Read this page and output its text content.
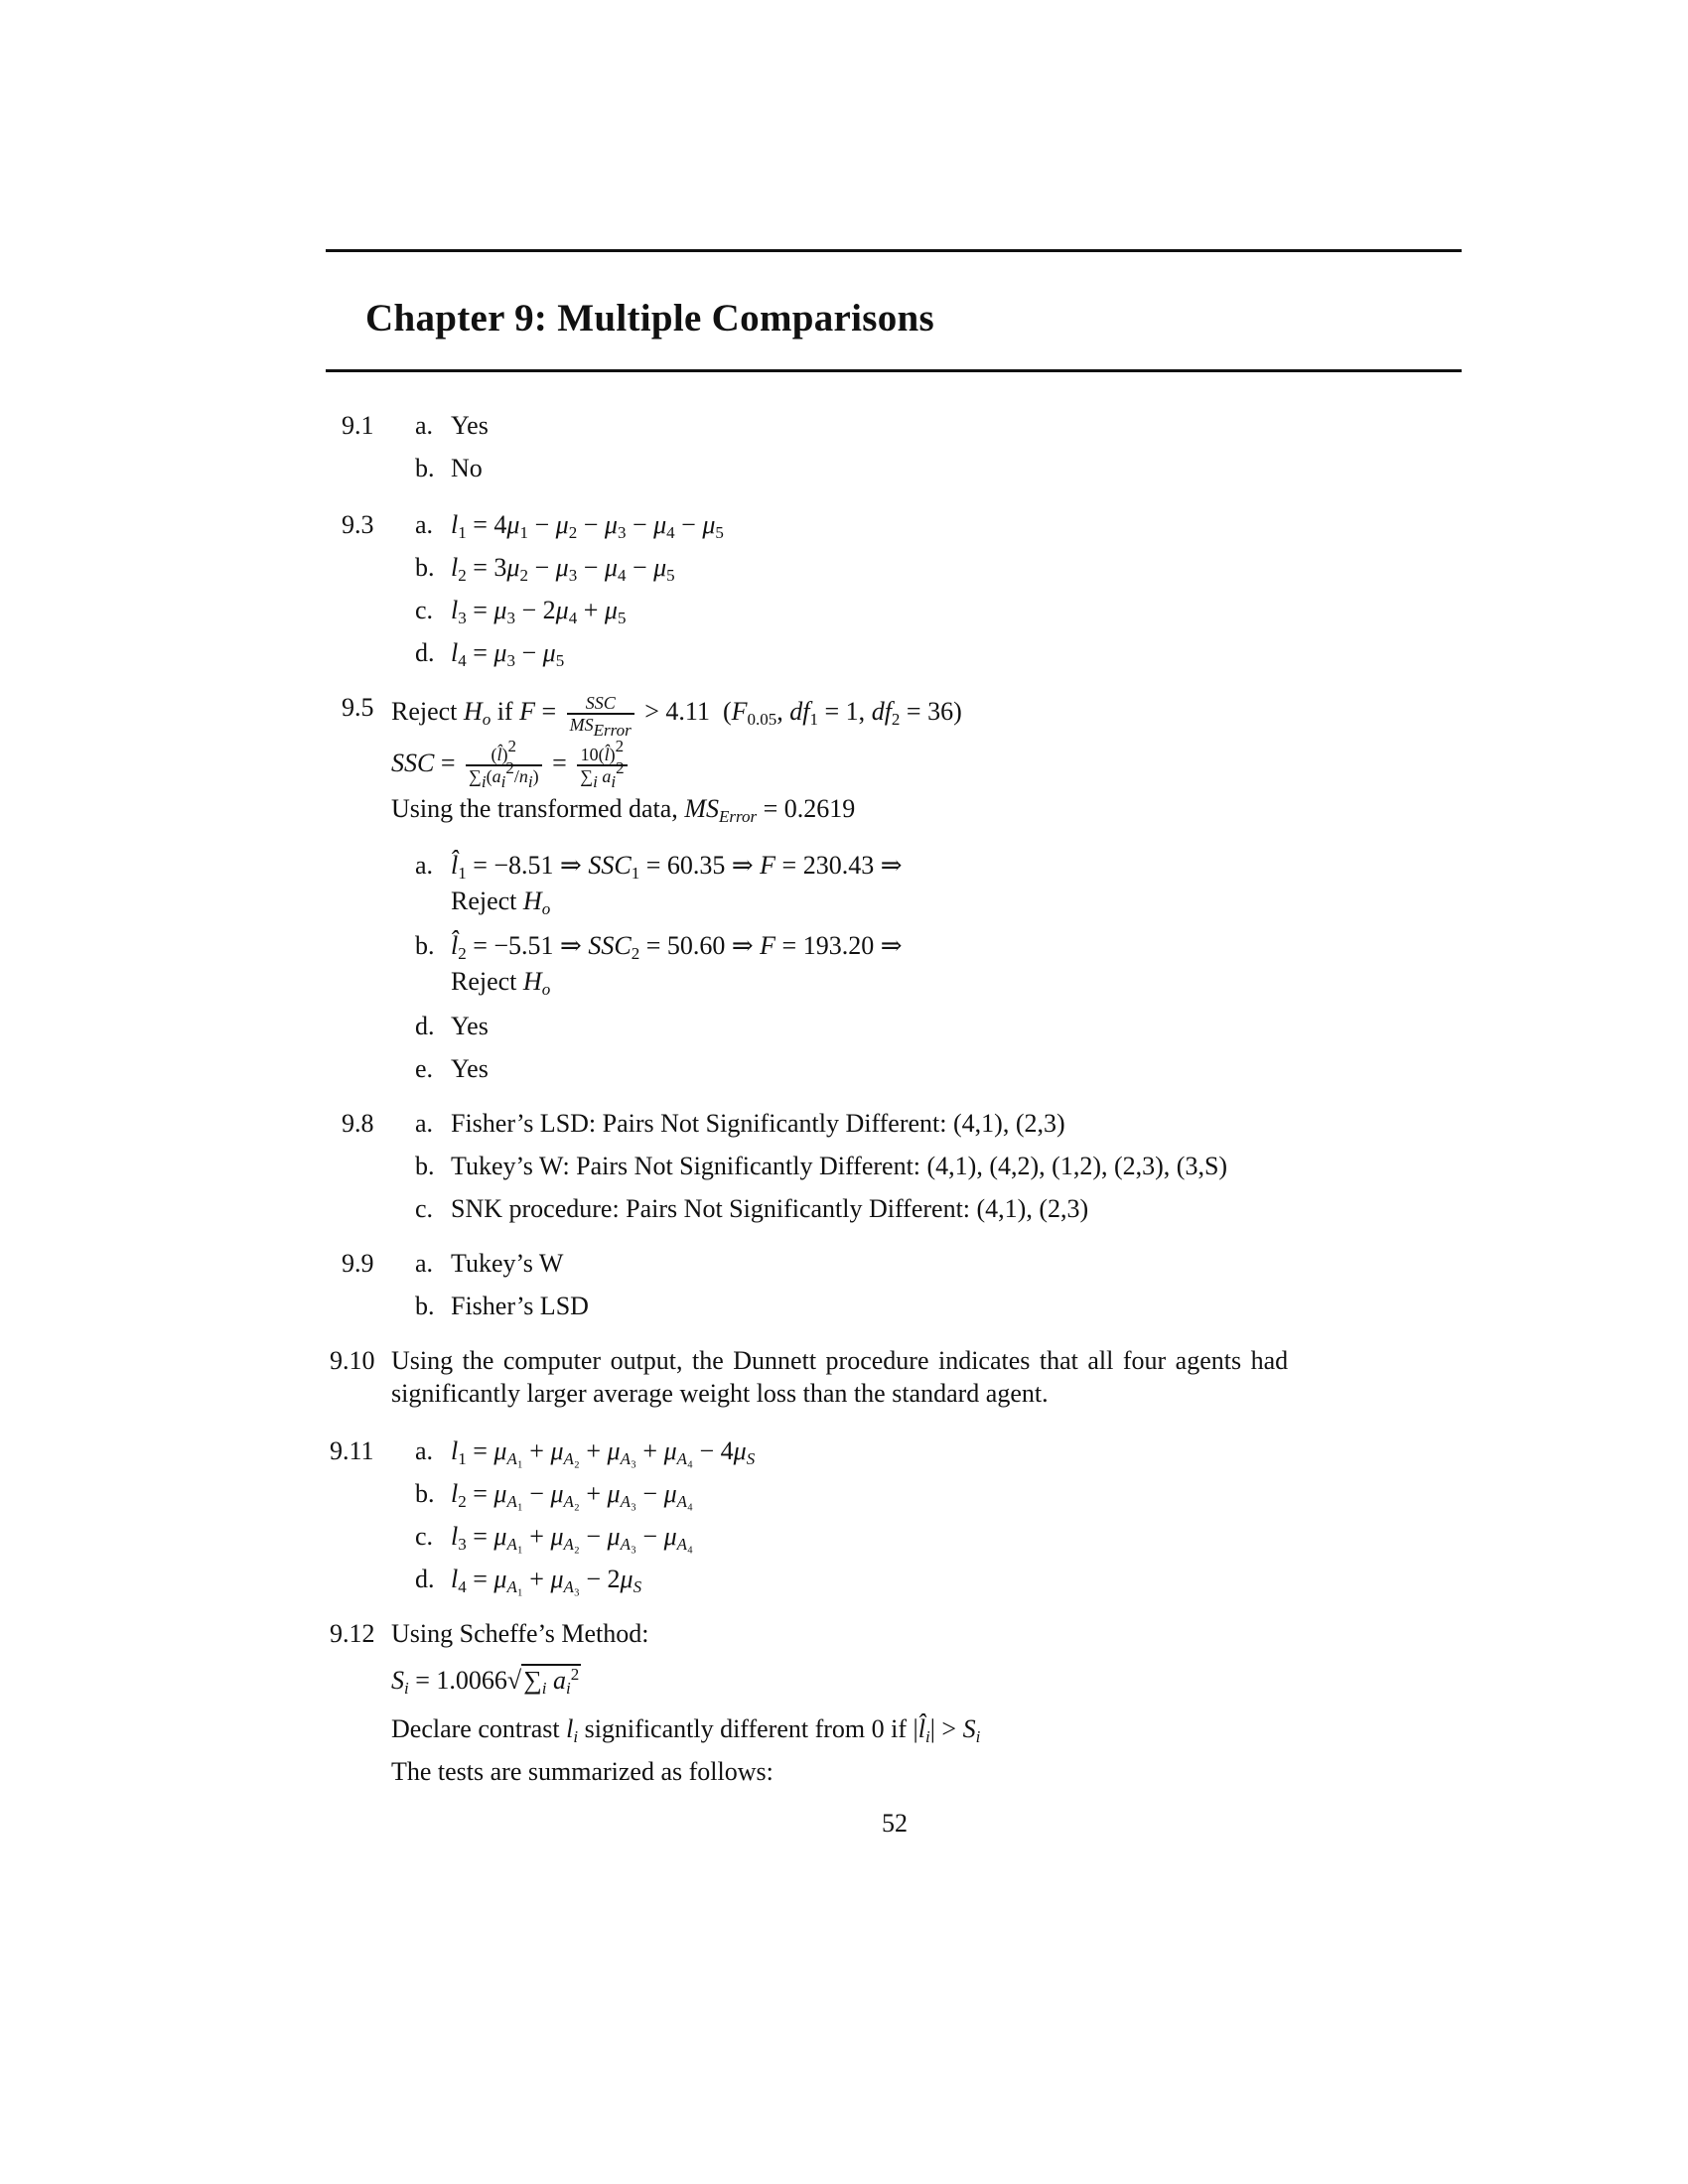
Chapter 9: Multiple Comparisons
9.1 a. Yes
b. No
9.3 a. $l_1 = 4\mu_1 - \mu_2 - \mu_3 - \mu_4 - \mu_5$
b. $l_2 = 3\mu_2 - \mu_3 - \mu_4 - \mu_5$
c. $l_3 = \mu_3 - 2\mu_4 + \mu_5$
d. $l_4 = \mu_3 - \mu_5$
9.5 Reject $H_o$ if $F = \frac{\text{SSC}}{MS_{Error}} > 4.11$  ($F_{0.05}$, $df_1 = 1$, $df_2 = 36$)
SSC = $\frac{(l̂)^2}{\sum_i(a_i^2/n_i)} = \frac{10(l̂)^2}{\sum_i a_i^2}$
Using the transformed data, $MS_{Error} = 0.2619$
a. $l̂_1 = -8.51$ ⇒ $SSC_1 = 60.35$ ⇒ F = 230.43 ⇒
Reject $H_o$
b. $l̂_2 = -5.51$ ⇒ $SSC_2 = 50.60$ ⇒ F = 193.20 ⇒
Reject $H_o$
d. Yes
e. Yes
9.8 a. Fisher’s LSD: Pairs Not Significantly Different: (4,1), (2,3)
b. Tukey’s W: Pairs Not Significantly Different: (4,1), (4,2), (1,2), (2,3), (3,S)
c. SNK procedure: Pairs Not Significantly Different: (4,1), (2,3)
9.9 a. Tukey’s W
b. Fisher’s LSD
9.10 Using the computer output, the Dunnett procedure indicates that all four agents had
significantly larger average weight loss than the standard agent.
9.11 a. $l_1 = \mu_{A_1} + \mu_{A_2} + \mu_{A_3} + \mu_{A_4} - 4\mu_S$
b. $l_2 = \mu_{A_1} - \mu_{A_2} + \mu_{A_3} - \mu_{A_4}$
c. $l_3 = \mu_{A_1} + \mu_{A_2} - \mu_{A_3} - \mu_{A_4}$
d. $l_4 = \mu_{A_1} + \mu_{A_3} - 2\mu_S$
9.12 Using Scheffe’s Method:
$S_i = 1.0066√\sum_i$ $a_i^2$
Declare contrast $l_i$ significantly different from 0 if $|l̂_i| > S_i$
The tests are summarized as follows:
52
